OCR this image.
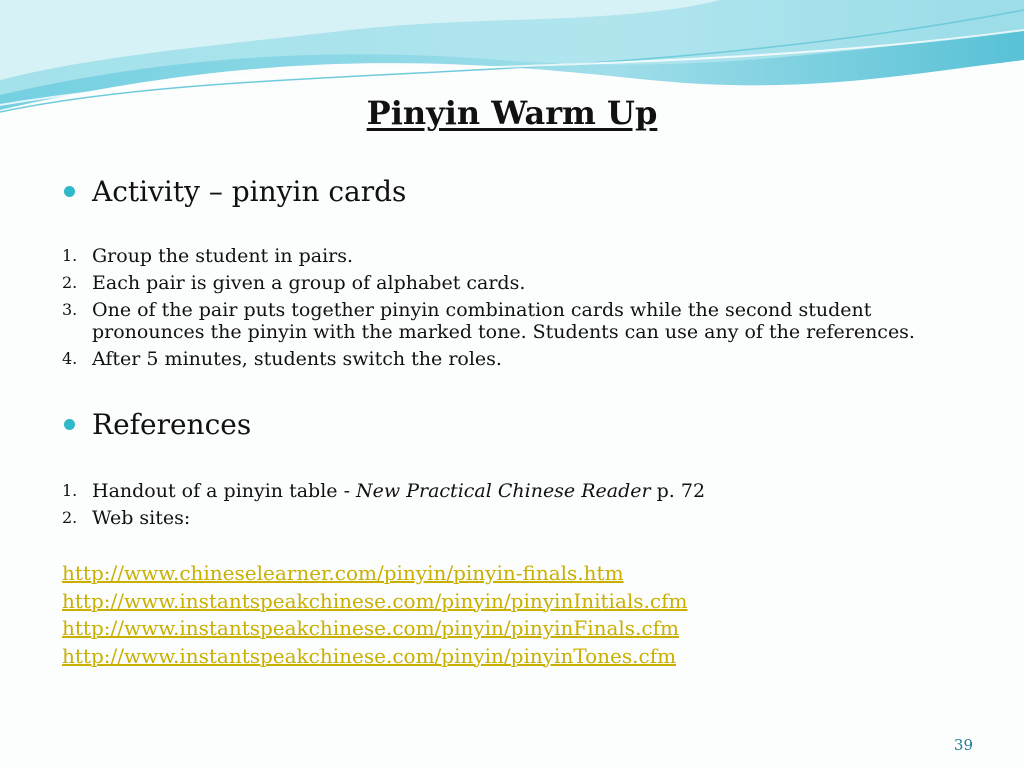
Pinyin Warm Up
Activity – pinyin cards
1. Group the student in pairs.
2. Each pair is given a group of alphabet cards.
3. One of the pair puts together pinyin combination cards while the second student pronounces the pinyin with the marked tone. Students can use any of the references.
4. After 5 minutes, students switch the roles.
References
1. Handout of a pinyin table - New Practical Chinese Reader p. 72
2. Web sites:
http://www.chineselearner.com/pinyin/pinyin-finals.htm
http://www.instantspeakchinese.com/pinyin/pinyinInitials.cfm
http://www.instantspeakchinese.com/pinyin/pinyinFinals.cfm
http://www.instantspeakchinese.com/pinyin/pinyinTones.cfm
39
